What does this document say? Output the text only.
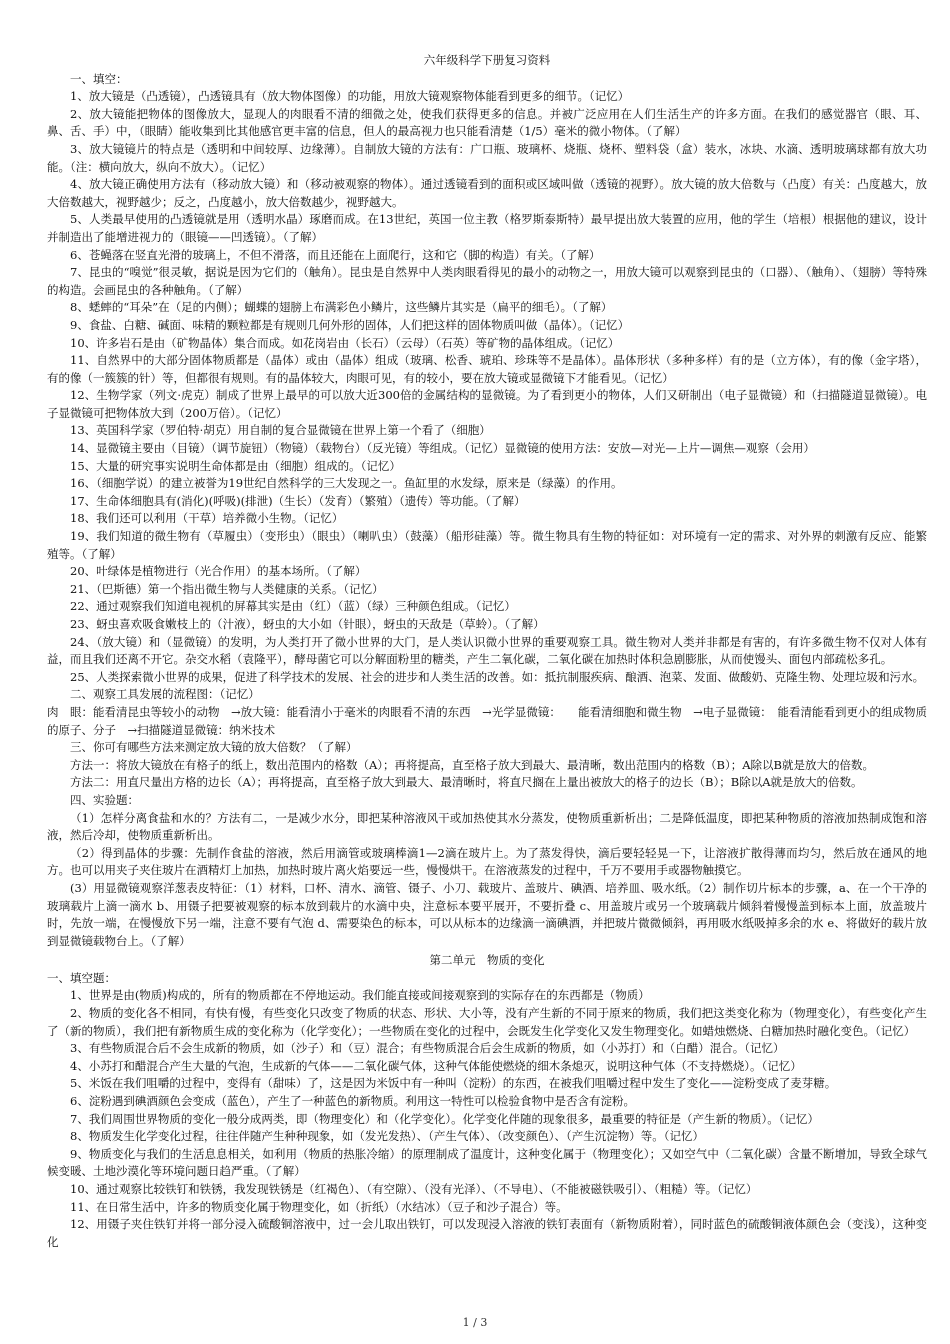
六年级科学下册复习资料

一、填空：

1、放大镜是（凸透镜），凸透镜具有（放大物体图像）的功能，用放大镜观察物体能看到更多的细节。（记忆）

2、放大镜能把物体的图像放大，显现人的肉眼看不清的细微之处，使我们获得更多的信息。并被广泛应用在人们生活生产的许多方面。在我们的感觉器官（眼、耳、鼻、舌、手）中，（眼睛）能收集到比其他感官更丰富的信息，但人的最高视力也只能看清楚（1/5）毫米的微小物体。（了解）

3、放大镜镜片的特点是（透明和中间较厚、边缘薄）。自制放大镜的方法有：广口瓶、玻璃杯、烧瓶、烧杯、塑料袋（盒）装水，冰块、水滴、透明玻璃球都有放大功能。（注：横向放大，纵向不放大）。（记忆）

4、放大镜正确使用方法有（移动放大镜）和（移动被观察的物体）。通过透镜看到的面积或区域叫做（透镜的视野）。放大镜的放大倍数与（凸度）有关：凸度越大，放大倍数越大，视野越少；反之，凸度越小，放大倍数越少，视野越大。

5、人类最早使用的凸透镜就是用（透明水晶）琢磨而成。在13世纪，英国一位主教（格罗斯泰斯特）最早提出放大装置的应用，他的学生（培根）根据他的建议，设计并制造出了能增进视力的（眼镜——凹透镜）。（了解）

6、苍蝇落在竖直光滑的玻璃上，不但不滑落，而且还能在上面爬行，这和它（脚的构造）有关。（了解）

7、昆虫的“嗅觉”很灵敏，据说是因为它们的（触角）。昆虫是自然界中人类肉眼看得见的最小的动物之一，用放大镜可以观察到昆虫的（口器）、（触角）、（翅膀）等特殊的构造。会画昆虫的各种触角。（了解）

8、蟋蟀的“耳朵”在（足的内侧）；蝴蝶的翅膀上布满彩色小鳞片，这些鳞片其实是（扁平的细毛）。（了解）

9、食盐、白糖、碱面、味精的颗粒都是有规则几何外形的固体，人们把这样的固体物质叫做（晶体）。（记忆）

10、许多岩石是由（矿物晶体）集合而成。如花岗岩由（长石）（云母）（石英）等矿物的晶体组成。（记忆）

11、自然界中的大部分固体物质都是（晶体）或由（晶体）组成（玻璃、松香、琥珀、珍珠等不是晶体）。晶体形状（多种多样）有的是（立方体），有的像（金字塔），有的像（一簇簇的针）等，但都很有规则。有的晶体较大，肉眼可见，有的较小，要在放大镜或显微镜下才能看见。（记忆）

12、生物学家（列文·虎克）制成了世界上最早的可以放大近300倍的金属结构的显微镜。为了看到更小的物体，人们又研制出（电子显微镜）和（扫描隧道显微镜）。电子显微镜可把物体放大到（200万倍）。（记忆）

13、英国科学家（罗伯特·胡克）用自制的复合显微镜在世界上第一个看了（细胞）

14、显微镜主要由（目镜）（调节旋钮）（物镜）（载物台）（反光镜）等组成。（记忆）显微镜的使用方法：安放—对光—上片—调焦—观察（会用）

15、大量的研究事实说明生命体都是由（细胞）组成的。（记忆）

16、（细胞学说）的建立被誉为19世纪自然科学的三大发现之一。鱼缸里的水发绿，原来是（绿藻）的作用。

17、生命体细胞具有(消化)(呼吸)(排泄)（生长）（发育）（繁殖）（遗传）等功能。（了解）

18、我们还可以利用（干草）培养微小生物。（记忆）

19、我们知道的微生物有（草履虫）（变形虫）（眼虫）（喇叭虫）（鼓藻）（船形硅藻）等。微生物具有生物的特征如：对环境有一定的需求、对外界的刺激有反应、能繁殖等。（了解）

20、叶绿体是植物进行（光合作用）的基本场所。（了解）

21、（巴斯德）第一个指出微生物与人类健康的关系。（记忆）

22、通过观察我们知道电视机的屏幕其实是由（红）（蓝）（绿）三种颜色组成。（记忆）

23、蚜虫喜欢吸食嫩枝上的（汁液），蚜虫的大小如（针眼），蚜虫的天敌是（草蛉）。（了解）

24、（放大镜）和（显微镜）的发明，为人类打开了微小世界的大门，是人类认识微小世界的重要观察工具。微生物对人类并非都是有害的，有许多微生物不仅对人体有益，而且我们还离不开它。杂交水稻（袁隆平），酵母菌它可以分解面粉里的糖类，产生二氧化碳，二氧化碳在加热时体积急剧膨胀，从而使馒头、面包内部疏松多孔。

25、人类探索微小世界的成果，促进了科学技术的发展、社会的进步和人类生活的改善。如：抵抗制服疾病、酿酒、泡菜、发面、做酸奶、克隆生物、处理垃圾和污水。

二、观察工具发展的流程图：（记忆）

肉　眼：能看清昆虫等较小的动物　→放大镜：能看清小于毫米的肉眼看不清的东西　→光学显微镜：　　能看清细胞和微生物　→电子显微镜：　能看清能看到更小的组成物质的原子、分子　→扫描隧道显微镜：纳米技术

三、你可有哪些方法来测定放大镜的放大倍数？（了解）

方法一：将放大镜放在有格子的纸上，数出范围内的格数（A）；再将提高，直至格子放大到最大、最清晰，数出范围内的格数（B）；A除以B就是放大的倍数。

方法二：用直尺量出方格的边长（A）；再将提高，直至格子放大到最大、最清晰时，将直尺搁在上量出被放大的格子的边长（B）；B除以A就是放大的倍数。

四、实验题：

（1）怎样分离食盐和水的？方法有二，一是减少水分，即把某种溶液风干或加热使其水分蒸发，使物质重新析出；二是降低温度，即把某种物质的溶液加热制成饱和溶液，然后冷却，使物质重新析出。

（2）得到晶体的步骤：先制作食盐的溶液，然后用滴管或玻璃棒滴1—2滴在玻片上。为了蒸发得快，滴后要轻轻晃一下，让溶液扩散得薄而均匀，然后放在通风的地方。也可以用夹子夹住玻片在酒精灯上加热，加热时玻片离火焰要远一些，慢慢烘干。在溶液蒸发的过程中，千万不要用手或器物触摸它。

(3）用显微镜观察洋葱表皮特征：（1）材料，口杯、清水、滴管、镊子、小刀、载玻片、盖玻片、碘酒、培养皿、吸水纸。（2）制作切片标本的步骤，a、在一个干净的玻璃载片上滴一滴水 b、用镊子把要被观察的标本放到载片的水滴中央，注意标本要平展开，不要折叠 c、用盖玻片或另一个玻璃载片倾斜着慢慢盖到标本上面，放盖玻片时，先放一端，在慢慢放下另一端，注意不要有气泡 d、需要染色的标本，可以从标本的边缘滴一滴碘酒，并把玻片微微倾斜，再用吸水纸吸掉多余的水 e、将做好的载片放到显微镜载物台上。（了解）

第二单元　物质的变化

一、填空题：

1、世界是由(物质)构成的，所有的物质都在不停地运动。我们能直接或间接观察到的实际存在的东西都是（物质）

2、物质的变化各不相同，有快有慢，有些变化只改变了物质的状态、形状、大小等，没有产生新的不同于原来的物质，我们把这类变化称为（物理变化），有些变化产生了（新的物质），我们把有新物质生成的变化称为（化学变化）；一些物质在变化的过程中，会既发生化学变化又发生物理变化。如蜡烛燃烧、白糖加热时融化变色。（记忆）

3、有些物质混合后不会生成新的物质，如（沙子）和（豆）混合；有些物质混合后会生成新的物质，如（小苏打）和（白醋）混合。（记忆）

4、小苏打和醋混合产生大量的气泡，生成新的气体——二氧化碳气体，这种气体能使燃烧的细木条熄灭，说明这种气体（不支持燃烧）。（记忆）

5、米饭在我们咀嚼的过程中，变得有（甜味）了，这是因为米饭中有一种叫（淀粉）的东西，在被我们咀嚼过程中发生了变化——淀粉变成了麦芽糖。

6、淀粉遇到碘酒颜色会变成（蓝色），产生了一种蓝色的新物质。利用这一特性可以检验食物中是否含有淀粉。

7、我们周围世界物质的变化一般分成两类，即（物理变化）和（化学变化）。化学变化伴随的现象很多，最重要的特征是（产生新的物质）。（记忆）

8、物质发生化学变化过程，往往伴随产生种种现象，如（发光发热）、（产生气体）、（改变颜色）、（产生沉淀物）等。（记忆）

9、物质变化与我们的生活息息相关，如利用（物质的热胀冷缩）的原理制成了温度计，这种变化属于（物理变化）；又如空气中（二氧化碳）含量不断增加，导致全球气候变暖、土地沙漠化等环境问题日趋严重。（了解）

10、通过观察比较铁钉和铁锈，我发现铁锈是（红褐色）、（有空隙）、（没有光泽）、（不导电）、（不能被磁铁吸引）、（粗糙）等。（记忆）

11、在日常生活中，许多的物质变化属于物理变化，如（折纸）（水结冰）（豆子和沙子混合）等。

12、用镊子夹住铁钉并将一部分浸入硫酸铜溶液中，过一会儿取出铁钉，可以发现浸入溶液的铁钉表面有（新物质附着），同时蓝色的硫酸铜液体颜色会（变浅），这种变化

1 / 3
